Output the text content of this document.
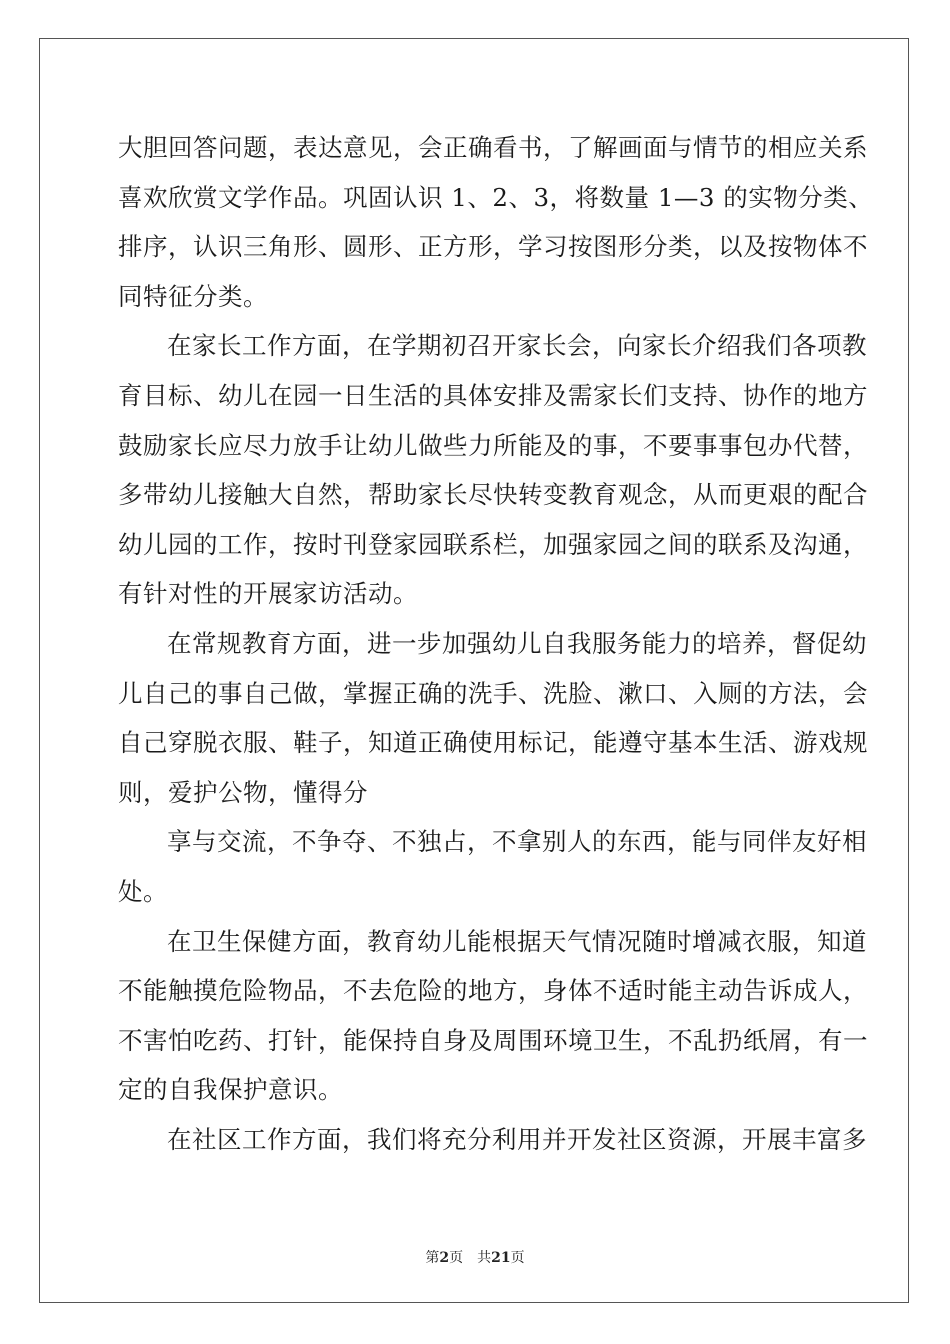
大胆回答问题，表达意见，会正确看书，了解画面与情节的相应关系
喜欢欣赏文学作品。巩固认识 1、2、3，将数量 1—3 的实物分类、
排序，认识三角形、圆形、正方形，学习按图形分类，以及按物体不
同特征分类。
在家长工作方面，在学期初召开家长会，向家长介绍我们各项教
育目标、幼儿在园一日生活的具体安排及需家长们支持、协作的地方
鼓励家长应尽力放手让幼儿做些力所能及的事，不要事事包办代替，
多带幼儿接触大自然，帮助家长尽快转变教育观念，从而更艰的配合
幼儿园的工作，按时刊登家园联系栏，加强家园之间的联系及沟通，
有针对性的开展家访活动。
在常规教育方面，进一步加强幼儿自我服务能力的培养，督促幼
儿自己的事自己做，掌握正确的洗手、洗脸、漱口、入厕的方法，会
自己穿脱衣服、鞋子，知道正确使用标记，能遵守基本生活、游戏规
则，爱护公物，懂得分
享与交流，不争夺、不独占，不拿别人的东西，能与同伴友好相
处。
在卫生保健方面，教育幼儿能根据天气情况随时增减衣服，知道
不能触摸危险物品，不去危险的地方，身体不适时能主动告诉成人，
不害怕吃药、打针，能保持自身及周围环境卫生，不乱扔纸屑，有一
定的自我保护意识。
在社区工作方面，我们将充分利用并开发社区资源，开展丰富多
第2页 共21页
